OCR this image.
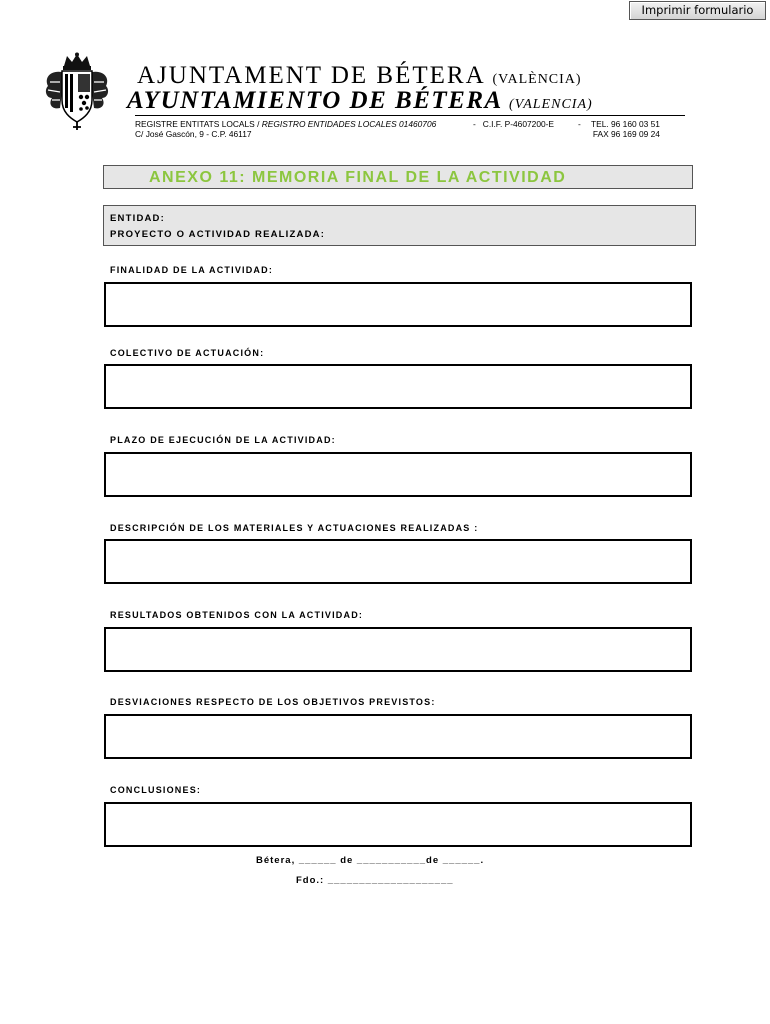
Imprimir formulario
AJUNTAMENT DE BÉTERA (VALÈNCIA)
AYUNTAMIENTO DE BÉTERA (VALENCIA)
REGISTRE ENTITATS LOCALS / REGISTRO ENTIDADES LOCALES 01460706
C/ José Gascón, 9 - C.P. 46117
- C.I.F. P-4607200-E	- TEL. 96 160 03 51
FAX 96 169 09 24
ANEXO 11: MEMORIA FINAL DE LA ACTIVIDAD
ENTIDAD:
PROYECTO O ACTIVIDAD REALIZADA:
FINALIDAD DE LA ACTIVIDAD:
COLECTIVO DE ACTUACIÓN:
PLAZO DE EJECUCIÓN DE LA ACTIVIDAD:
DESCRIPCIÓN DE LOS MATERIALES Y ACTUACIONES REALIZADAS :
RESULTADOS OBTENIDOS CON LA ACTIVIDAD:
DESVIACIONES RESPECTO DE LOS OBJETIVOS PREVISTOS:
CONCLUSIONES:
Bétera, ______ de ___________de ______.
Fdo.: ____________________
